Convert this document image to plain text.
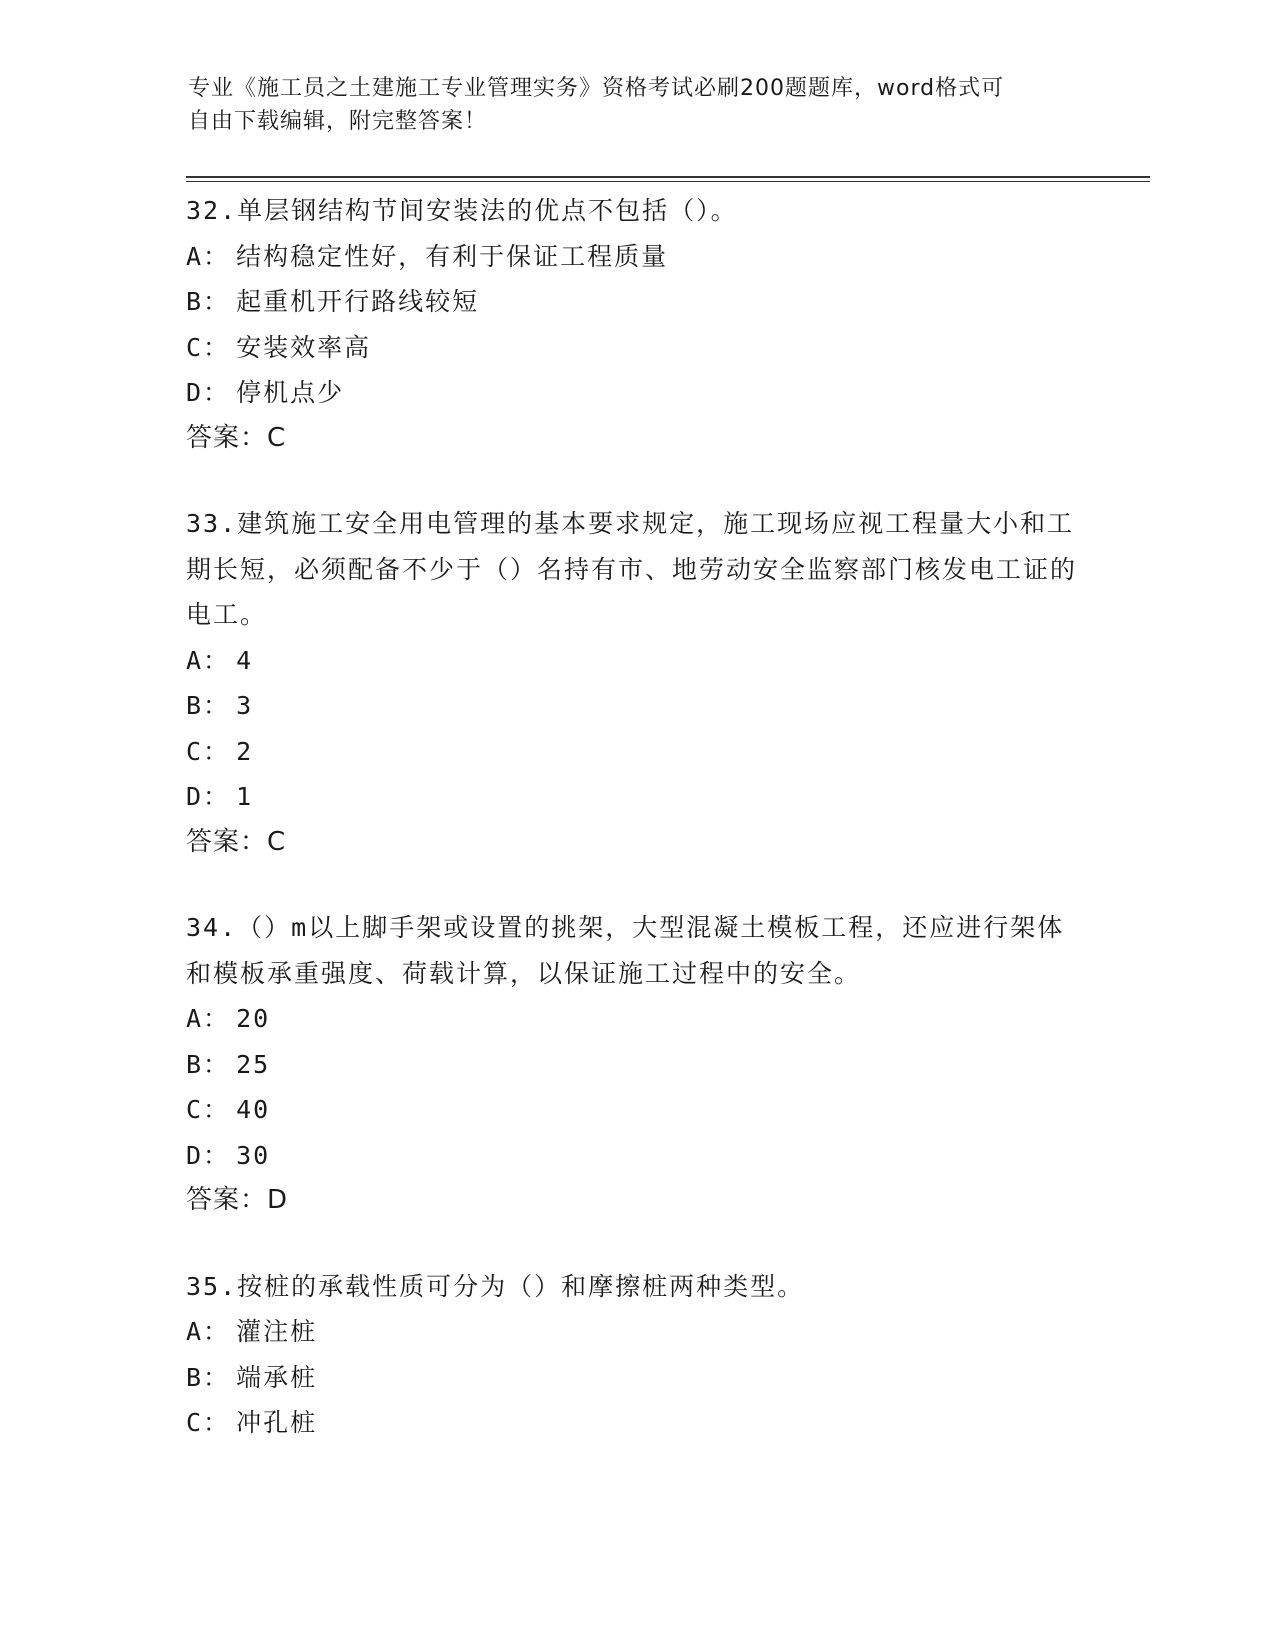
专业《施工员之土建施工专业管理实务》资格考试必刷200题题库，word格式可
自由下载编辑，附完整答案！
32.单层钢结构节间安装法的优点不包括（）。
A： 结构稳定性好，有利于保证工程质量
B： 起重机开行路线较短
C： 安装效率高
D： 停机点少
答案：C
33.建筑施工安全用电管理的基本要求规定，施工现场应视工程量大小和工期长短，必须配备不少于（）名持有市、地劳动安全监察部门核发电工证的电工。
A： 4
B： 3
C： 2
D： 1
答案：C
34.（）m以上脚手架或设置的挑架，大型混凝土模板工程，还应进行架体和模板承重强度、荷载计算，以保证施工过程中的安全。
A： 20
B： 25
C： 40
D： 30
答案：D
35.按桩的承载性质可分为（）和摩擦桩两种类型。
A： 灌注桩
B： 端承桩
C： 冲孔桩
